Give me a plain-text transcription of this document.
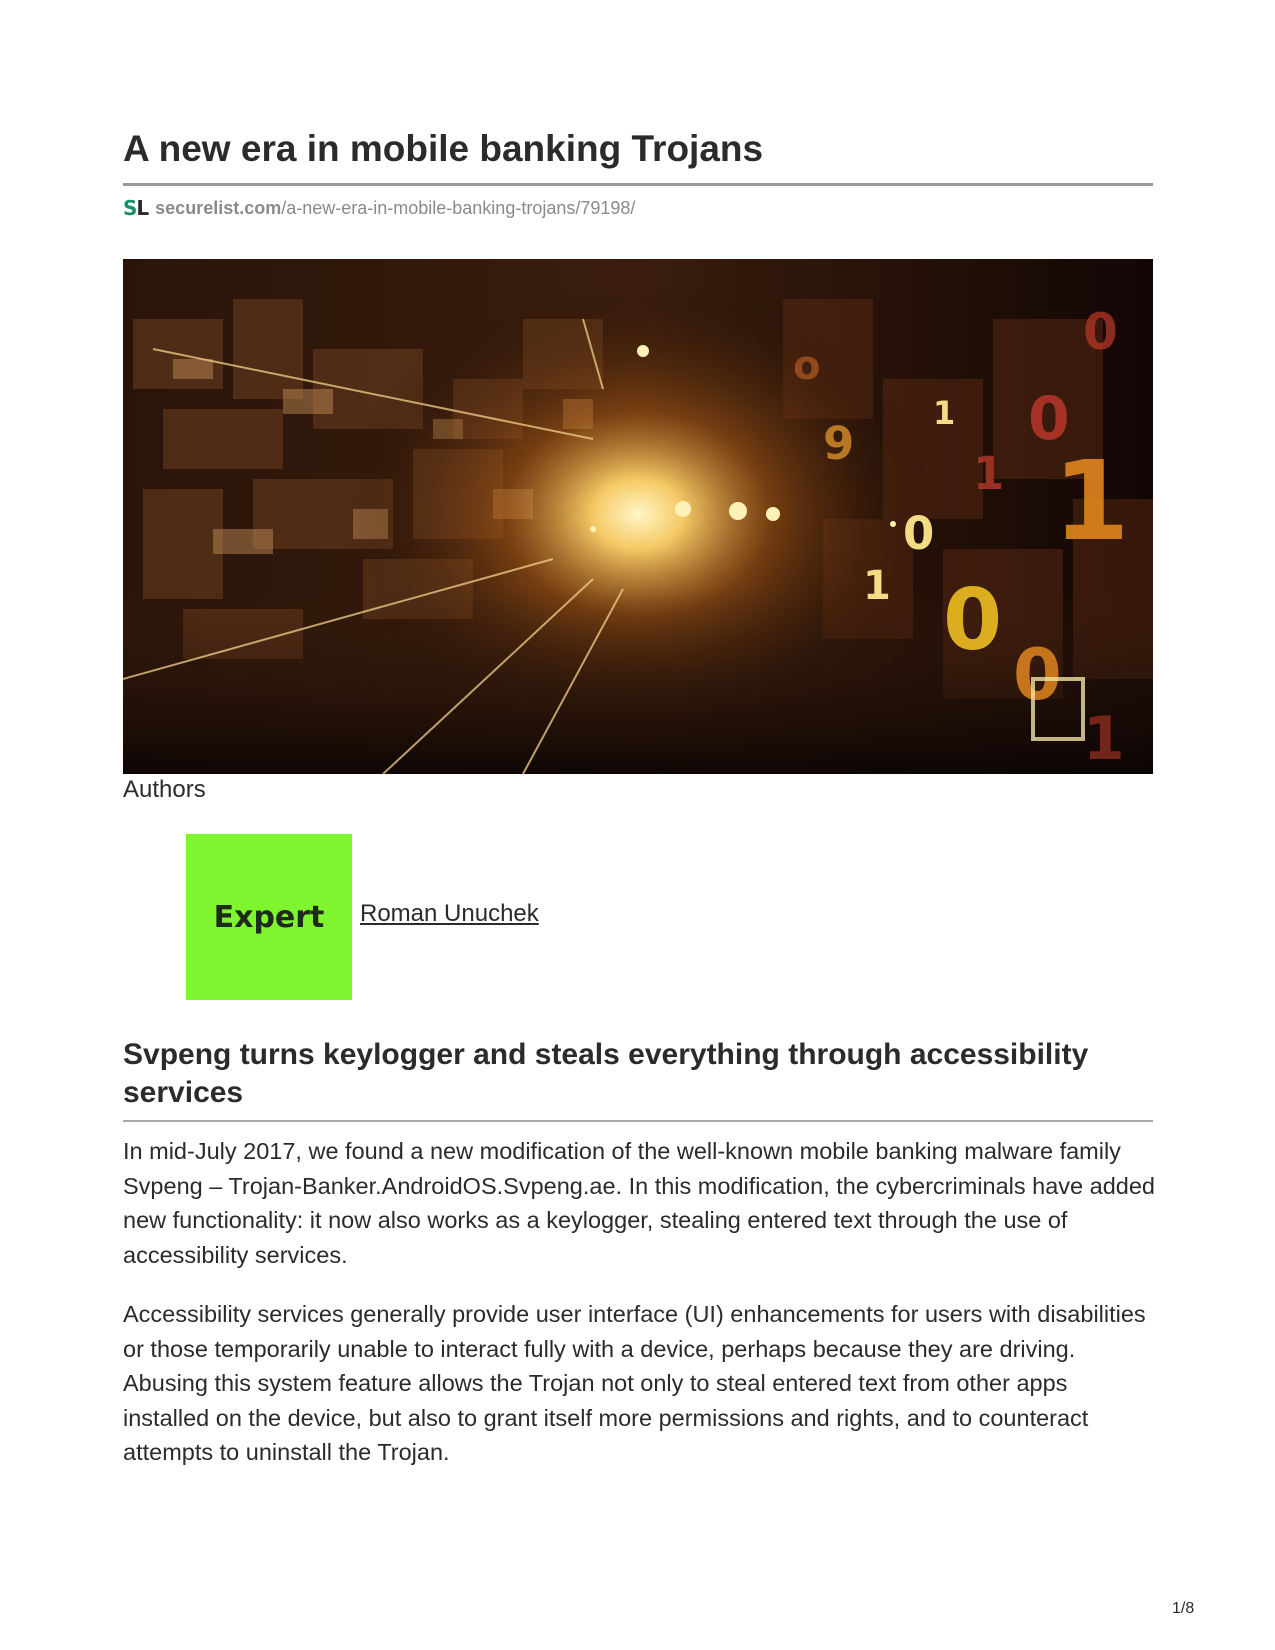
A new era in mobile banking Trojans
SL securelist.com /a-new-era-in-mobile-banking-trojans/79198/
1
0
0
0
0
0
1
1
9
1
1
o
Authors
Expert	Roman Unuchek
Svpeng turns keylogger and steals everything through accessibility services

In mid-July 2017, we found a new modification of the well-known mobile banking malware family Svpeng – Trojan-Banker.AndroidOS.Svpeng.ae. In this modification, the cybercriminals have added new functionality: it now also works as a keylogger, stealing entered text through the use of accessibility services.

Accessibility services generally provide user interface (UI) enhancements for users with disabilities or those temporarily unable to interact fully with a device, perhaps because they are driving. Abusing this system feature allows the Trojan not only to steal entered text from other apps installed on the device, but also to grant itself more permissions and rights, and to counteract attempts to uninstall the Trojan.

1/8
